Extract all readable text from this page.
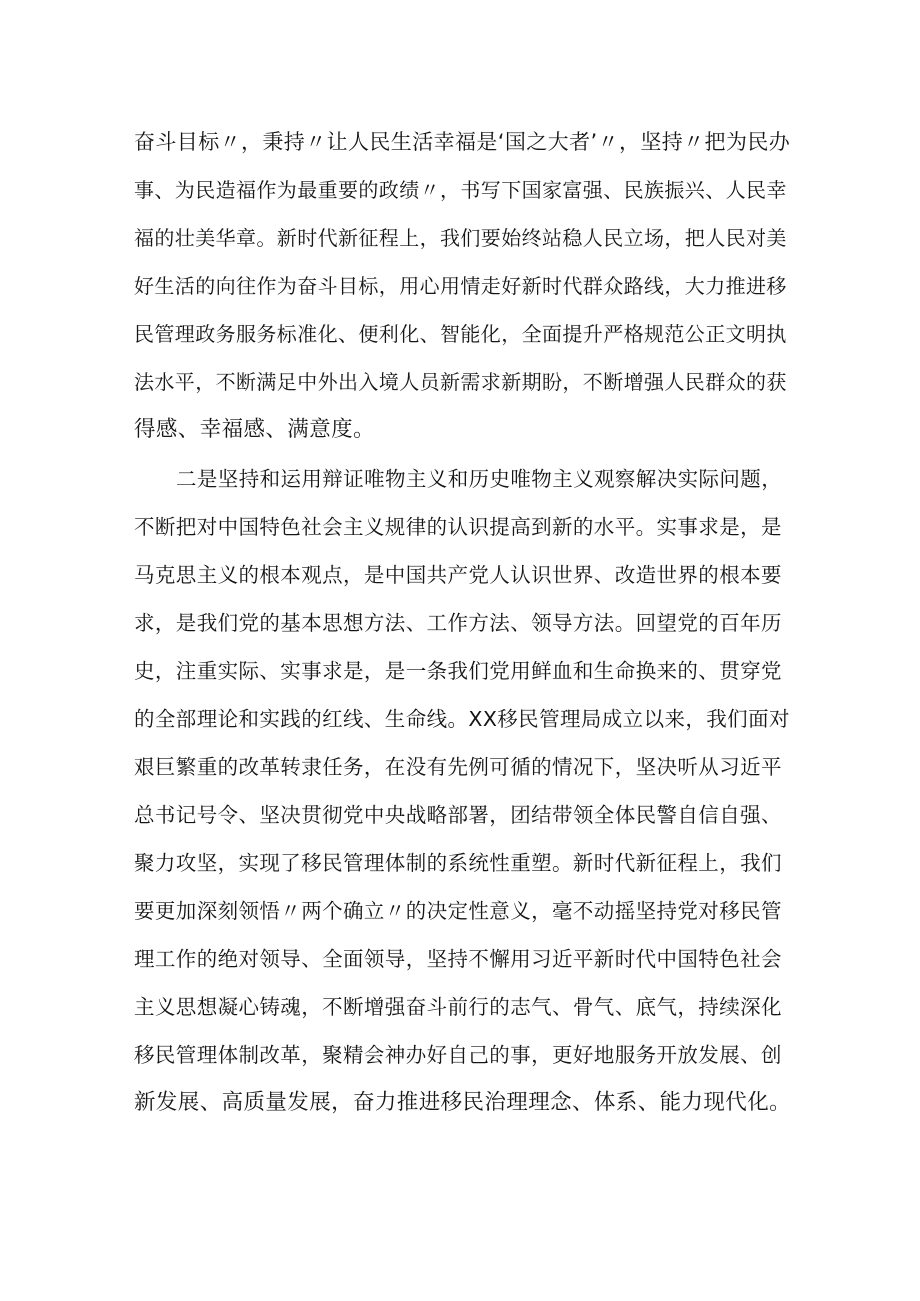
奋斗目标〃，秉持〃让人民生活幸福是‘国之大者’〃，坚持〃把为民办
事、为民造福作为最重要的政绩〃，书写下国家富强、民族振兴、人民幸
福的壮美华章。新时代新征程上，我们要始终站稳人民立场，把人民对美
好生活的向往作为奋斗目标，用心用情走好新时代群众路线，大力推进移
民管理政务服务标准化、便利化、智能化，全面提升严格规范公正文明执
法水平，不断满足中外出入境人员新需求新期盼，不断增强人民群众的获
得感、幸福感、满意度。
二是坚持和运用辩证唯物主义和历史唯物主义观察解决实际问题，
不断把对中国特色社会主义规律的认识提高到新的水平。实事求是，是
马克思主义的根本观点，是中国共产党人认识世界、改造世界的根本要
求，是我们党的基本思想方法、工作方法、领导方法。回望党的百年历
史，注重实际、实事求是，是一条我们党用鲜血和生命换来的、贯穿党
的全部理论和实践的红线、生命线。XX移民管理局成立以来，我们面对
艰巨繁重的改革转隶任务，在没有先例可循的情况下，坚决听从习近平
总书记号令、坚决贯彻党中央战略部署，团结带领全体民警自信自强、
聚力攻坚，实现了移民管理体制的系统性重塑。新时代新征程上，我们
要更加深刻领悟〃两个确立〃的决定性意义，毫不动摇坚持党对移民管
理工作的绝对领导、全面领导，坚持不懈用习近平新时代中国特色社会
主义思想凝心铸魂，不断增强奋斗前行的志气、骨气、底气，持续深化
移民管理体制改革，聚精会神办好自己的事，更好地服务开放发展、创
新发展、高质量发展，奋力推进移民治理理念、体系、能力现代化。
